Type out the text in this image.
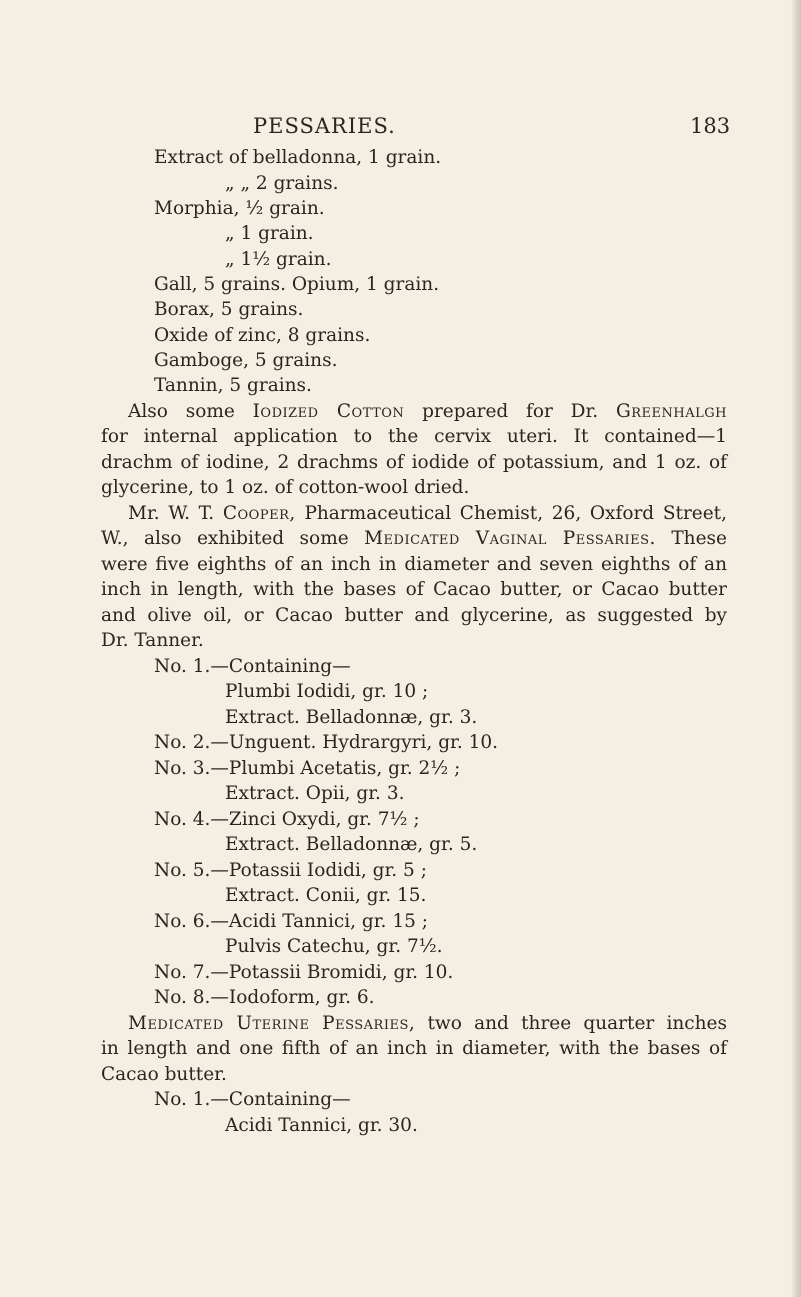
PESSARIES.	183
Extract of belladonna, 1 grain.
„ „ 2 grains.
Morphia, ½ grain.
„ 1 grain.
„ 1½ grain.
Gall, 5 grains. Opium, 1 grain.
Borax, 5 grains.
Oxide of zinc, 8 grains.
Gamboge, 5 grains.
Tannin, 5 grains.
Also some Iodized Cotton prepared for Dr. Greenhalgh
for internal application to the cervix uteri. It contained—1
drachm of iodine, 2 drachms of iodide of potassium, and 1 oz. of
glycerine, to 1 oz. of cotton-wool dried.
Mr. W. T. Cooper, Pharmaceutical Chemist, 26, Oxford Street,
W., also exhibited some Medicated Vaginal Pessaries. These
were five eighths of an inch in diameter and seven eighths of an
inch in length, with the bases of Cacao butter, or Cacao butter
and olive oil, or Cacao butter and glycerine, as suggested by
Dr. Tanner.
No. 1.—Containing—
Plumbi Iodidi, gr. 10 ;
Extract. Belladonnæ, gr. 3.
No. 2.—Unguent. Hydrargyri, gr. 10.
No. 3.—Plumbi Acetatis, gr. 2½ ;
Extract. Opii, gr. 3.
No. 4.—Zinci Oxydi, gr. 7½ ;
Extract. Belladonnæ, gr. 5.
No. 5.—Potassii Iodidi, gr. 5 ;
Extract. Conii, gr. 15.
No. 6.—Acidi Tannici, gr. 15 ;
Pulvis Catechu, gr. 7½.
No. 7.—Potassii Bromidi, gr. 10.
No. 8.—Iodoform, gr. 6.
Medicated Uterine Pessaries, two and three quarter inches
in length and one fifth of an inch in diameter, with the bases of
Cacao butter.
No. 1.—Containing—
Acidi Tannici, gr. 30.
